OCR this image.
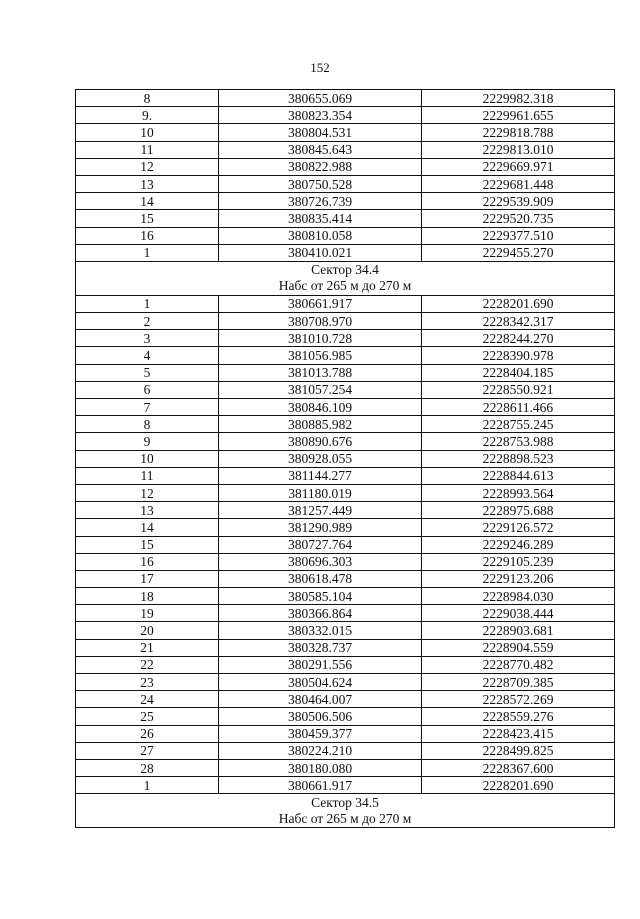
152
8	380655.069	2229982.318
9.	380823.354	2229961.655
10	380804.531	2229818.788
11	380845.643	2229813.010
12	380822.988	2229669.971
13	380750.528	2229681.448
14	380726.739	2229539.909
15	380835.414	2229520.735
16	380810.058	2229377.510
1	380410.021	2229455.270

Сектор 34.4
Набс от 265 м до 270 м		

1	380661.917	2228201.690
2	380708.970	2228342.317
3	381010.728	2228244.270
4	381056.985	2228390.978
5	381013.788	2228404.185
6	381057.254	2228550.921
7	380846.109	2228611.466
8	380885.982	2228755.245
9	380890.676	2228753.988
10	380928.055	2228898.523
11	381144.277	2228844.613
12	381180.019	2228993.564
13	381257.449	2228975.688
14	381290.989	2229126.572
15	380727.764	2229246.289
16	380696.303	2229105.239
17	380618.478	2229123.206
18	380585.104	2228984.030
19	380366.864	2229038.444
20	380332.015	2228903.681
21	380328.737	2228904.559
22	380291.556	2228770.482
23	380504.624	2228709.385
24	380464.007	2228572.269
25	380506.506	2228559.276
26	380459.377	2228423.415
27	380224.210	2228499.825
28	380180.080	2228367.600
1	380661.917	2228201.690

Сектор 34.5
Набс от 265 м до 270 м		
